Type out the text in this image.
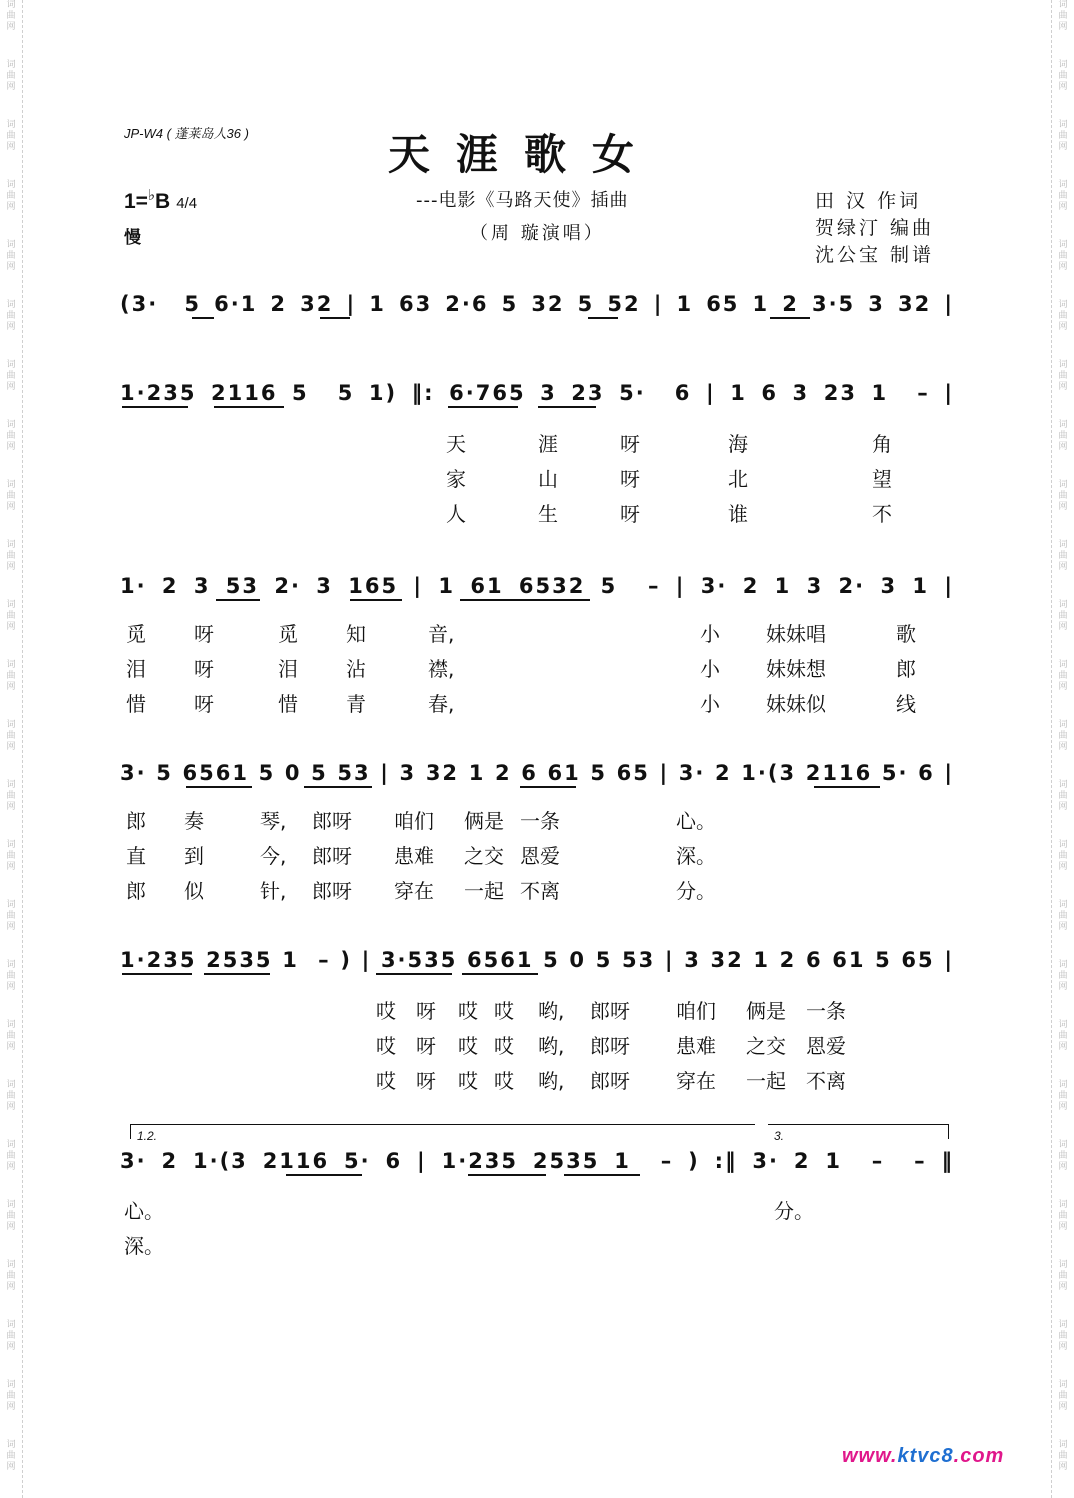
词
曲
网
词
曲
网
词
曲
网
词
曲
网
词
曲
网
词
曲
网
词
曲
网
词
曲
网
词
曲
网
词
曲
网
词
曲
网
词
曲
网
词
曲
网
词
曲
网
词
曲
网
词
曲
网
词
曲
网
词
曲
网
词
曲
网
词
曲
网
词
曲
网
词
曲
网
词
曲
网
词
曲
网
词
曲
网
词
曲
网
词
曲
网
词
曲
网
词
曲
网
词
曲
网
词
曲
网
词
曲
网
词
曲
网
词
曲
网
词
曲
网
词
曲
网
词
曲
网
词
曲
网
词
曲
网
词
曲
网
词
曲
网
词
曲
网
词
曲
网
词
曲
网
词
曲
网
词
曲
网
词
曲
网
词
曲
网
词
曲
网
词
曲
网
JP-W4 ( 蓬莱岛人36 )	天涯歌女
1=♭B 4/4
慢
---电影《马路天使》插曲
（周 璇演唱）
田 汉 作词
贺绿汀 编曲
沈公宝 制谱
(3·  5 6·1 2 32 | 1 63 2·6 5 32 5 52 | 1 65 1 2 3·5 3 32 |
1·235 2116 5  5 1) ‖: 6·765 3 23 5·  6 | 1 6 3 23 1  – |
天	涯	呀	海	角
家	山	呀	北	望
人	生	呀	谁	不
1· 2 3 53 2· 3 165 | 1 61 6532 5  – | 3· 2 1 3 2· 3 1 |
觅 呀	觅 知	音,	小 妹妹唱	歌
泪 呀	泪 沾	襟,	小 妹妹想	郎
惜 呀	惜 青	春,	小 妹妹似	线
3· 5 6561 5 0 5 53 | 3 32 1 2 6 61 5 65 | 3· 2 1·(3 2116 5· 6 |
郎 奏	琴, 郎呀 咱们 俩是 一条	心。
直 到	今, 郎呀 患难 之交 恩爱	深。
郎 似	针, 郎呀 穿在 一起 不离	分。
1·235 2535 1  – ) | 3·535 6561 5 0 5 53 | 3 32 1 2 6 61 5 65 |
哎 呀 哎 哎 哟, 郎呀 咱们 俩是 一条
哎 呀 哎 哎 哟, 郎呀 患难 之交 恩爱
哎 呀 哎 哎 哟, 郎呀 穿在 一起 不离
1.2.	3.
3· 2 1·(3 2116 5· 6 | 1·235 2535 1  – ) :‖ 3· 2 1  –  – ‖
心。	分。
深。
www.ktvc8.com
